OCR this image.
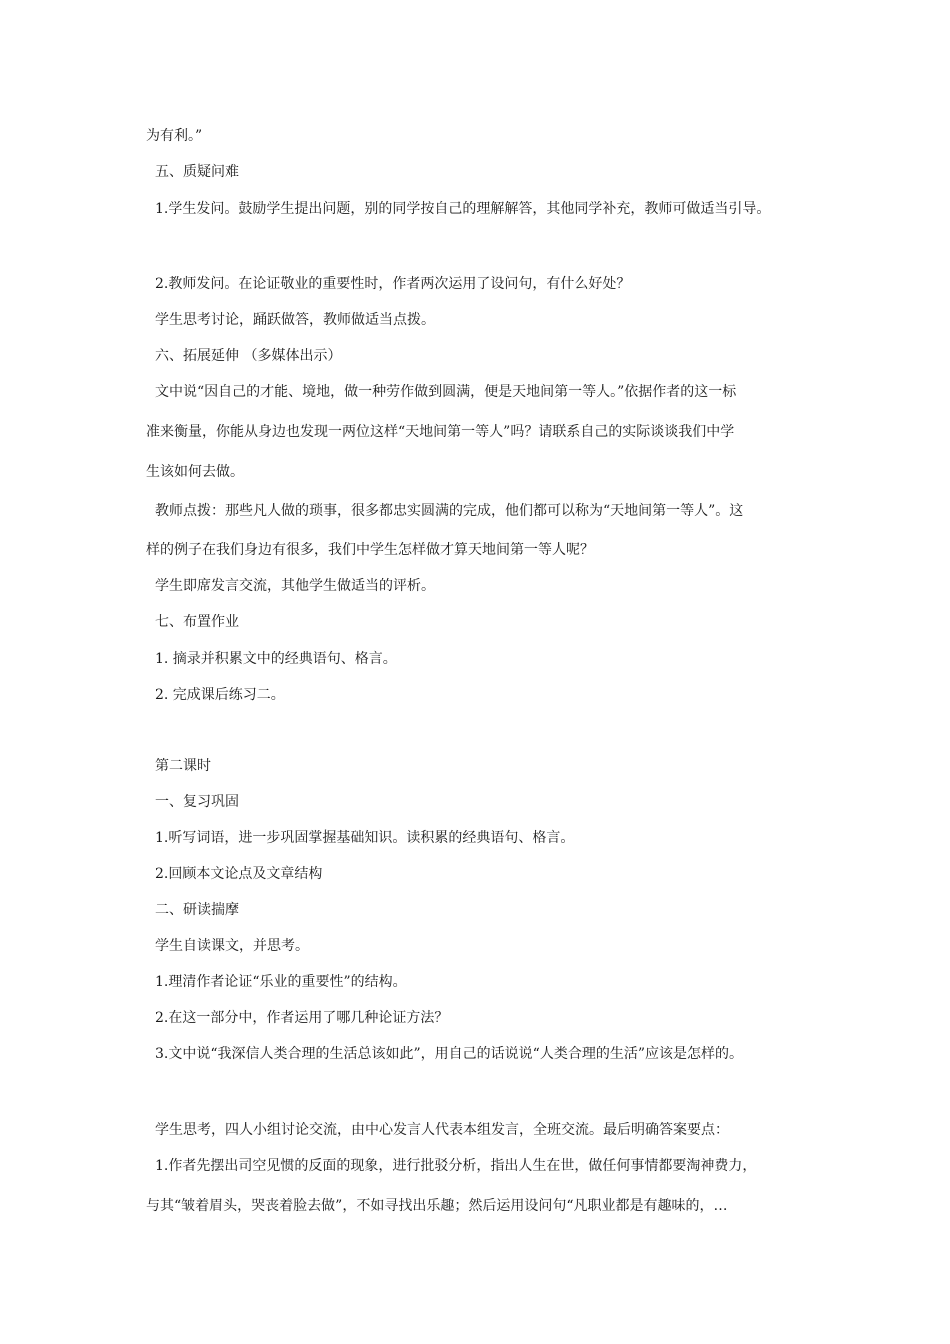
为有利。”
五、质疑问难
1.学生发问。鼓励学生提出问题，别的同学按自己的理解解答，其他同学补充，教师可做适当引导。
2.教师发问。在论证敬业的重要性时，作者两次运用了设问句，有什么好处？
学生思考讨论，踊跃做答，教师做适当点拨。
六、拓展延伸 （多媒体出示）
文中说“因自己的才能、境地，做一种劳作做到圆满，便是天地间第一等人。”依据作者的这一标
准来衡量，你能从身边也发现一两位这样“天地间第一等人”吗？请联系自己的实际谈谈我们中学
生该如何去做。
教师点拨：那些凡人做的琐事，很多都忠实圆满的完成，他们都可以称为“天地间第一等人”。这
样的例子在我们身边有很多，我们中学生怎样做才算天地间第一等人呢？
学生即席发言交流，其他学生做适当的评析。
七、布置作业
1. 摘录并积累文中的经典语句、格言。
2. 完成课后练习二。
第二课时
一、复习巩固
1.听写词语，进一步巩固掌握基础知识。读积累的经典语句、格言。
2.回顾本文论点及文章结构
二、研读揣摩
学生自读课文，并思考。
1.理清作者论证“乐业的重要性”的结构。
2.在这一部分中，作者运用了哪几种论证方法？
3.文中说“我深信人类合理的生活总该如此”，用自己的话说说“人类合理的生活”应该是怎样的。
学生思考，四人小组讨论交流，由中心发言人代表本组发言，全班交流。最后明确答案要点：
1.作者先摆出司空见惯的反面的现象，进行批驳分析，指出人生在世，做任何事情都要淘神费力，
与其“皱着眉头，哭丧着脸去做”，不如寻找出乐趣；然后运用设问句“凡职业都是有趣味的，…
